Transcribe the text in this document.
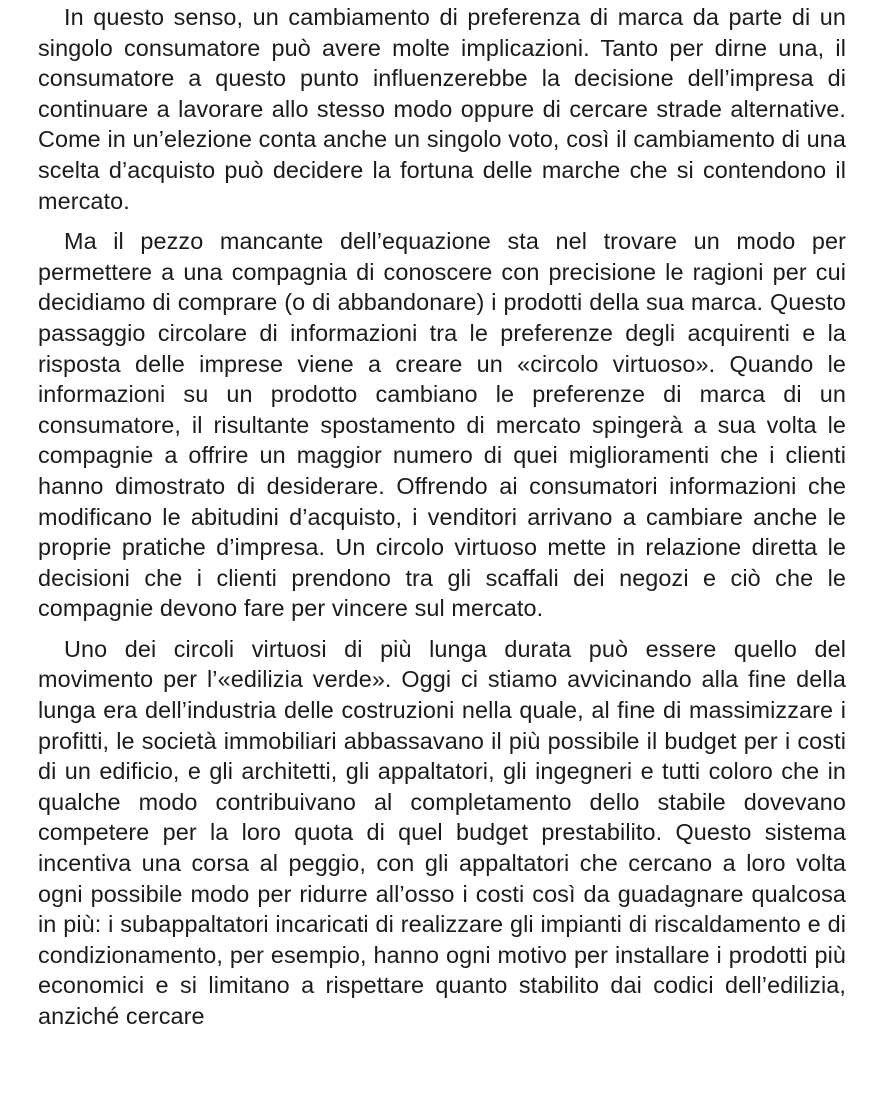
In questo senso, un cambiamento di preferenza di marca da parte di un singolo consumatore può avere molte implicazioni. Tanto per dirne una, il consumatore a questo punto influenzerebbe la decisione dell’impresa di continuare a lavorare allo stesso modo oppure di cercare strade alternative. Come in un’elezione conta anche un singolo voto, così il cambiamento di una scelta d’acquisto può decidere la fortuna delle marche che si contendono il mercato.

Ma il pezzo mancante dell’equazione sta nel trovare un modo per permettere a una compagnia di conoscere con precisione le ragioni per cui decidiamo di comprare (o di abbandonare) i prodotti della sua marca. Questo passaggio circolare di informazioni tra le preferenze degli acquirenti e la risposta delle imprese viene a creare un «circolo virtuoso». Quando le informazioni su un prodotto cambiano le preferenze di marca di un consumatore, il risultante spostamento di mercato spingerà a sua volta le compagnie a offrire un maggior numero di quei miglioramenti che i clienti hanno dimostrato di desiderare. Offrendo ai consumatori informazioni che modificano le abitudini d’acquisto, i venditori arrivano a cambiare anche le proprie pratiche d’impresa. Un circolo virtuoso mette in relazione diretta le decisioni che i clienti prendono tra gli scaffali dei negozi e ciò che le compagnie devono fare per vincere sul mercato.

Uno dei circoli virtuosi di più lunga durata può essere quello del movimento per l’«edilizia verde». Oggi ci stiamo avvicinando alla fine della lunga era dell’industria delle costruzioni nella quale, al fine di massimizzare i profitti, le società immobiliari abbassavano il più possibile il budget per i costi di un edificio, e gli architetti, gli appaltatori, gli ingegneri e tutti coloro che in qualche modo contribuivano al completamento dello stabile dovevano competere per la loro quota di quel budget prestabilito. Questo sistema incentiva una corsa al peggio, con gli appaltatori che cercano a loro volta ogni possibile modo per ridurre all’osso i costi così da guadagnare qualcosa in più: i subappaltatori incaricati di realizzare gli impianti di riscaldamento e di condizionamento, per esempio, hanno ogni motivo per installare i prodotti più economici e si limitano a rispettare quanto stabilito dai codici dell’edilizia, anziché cercare
